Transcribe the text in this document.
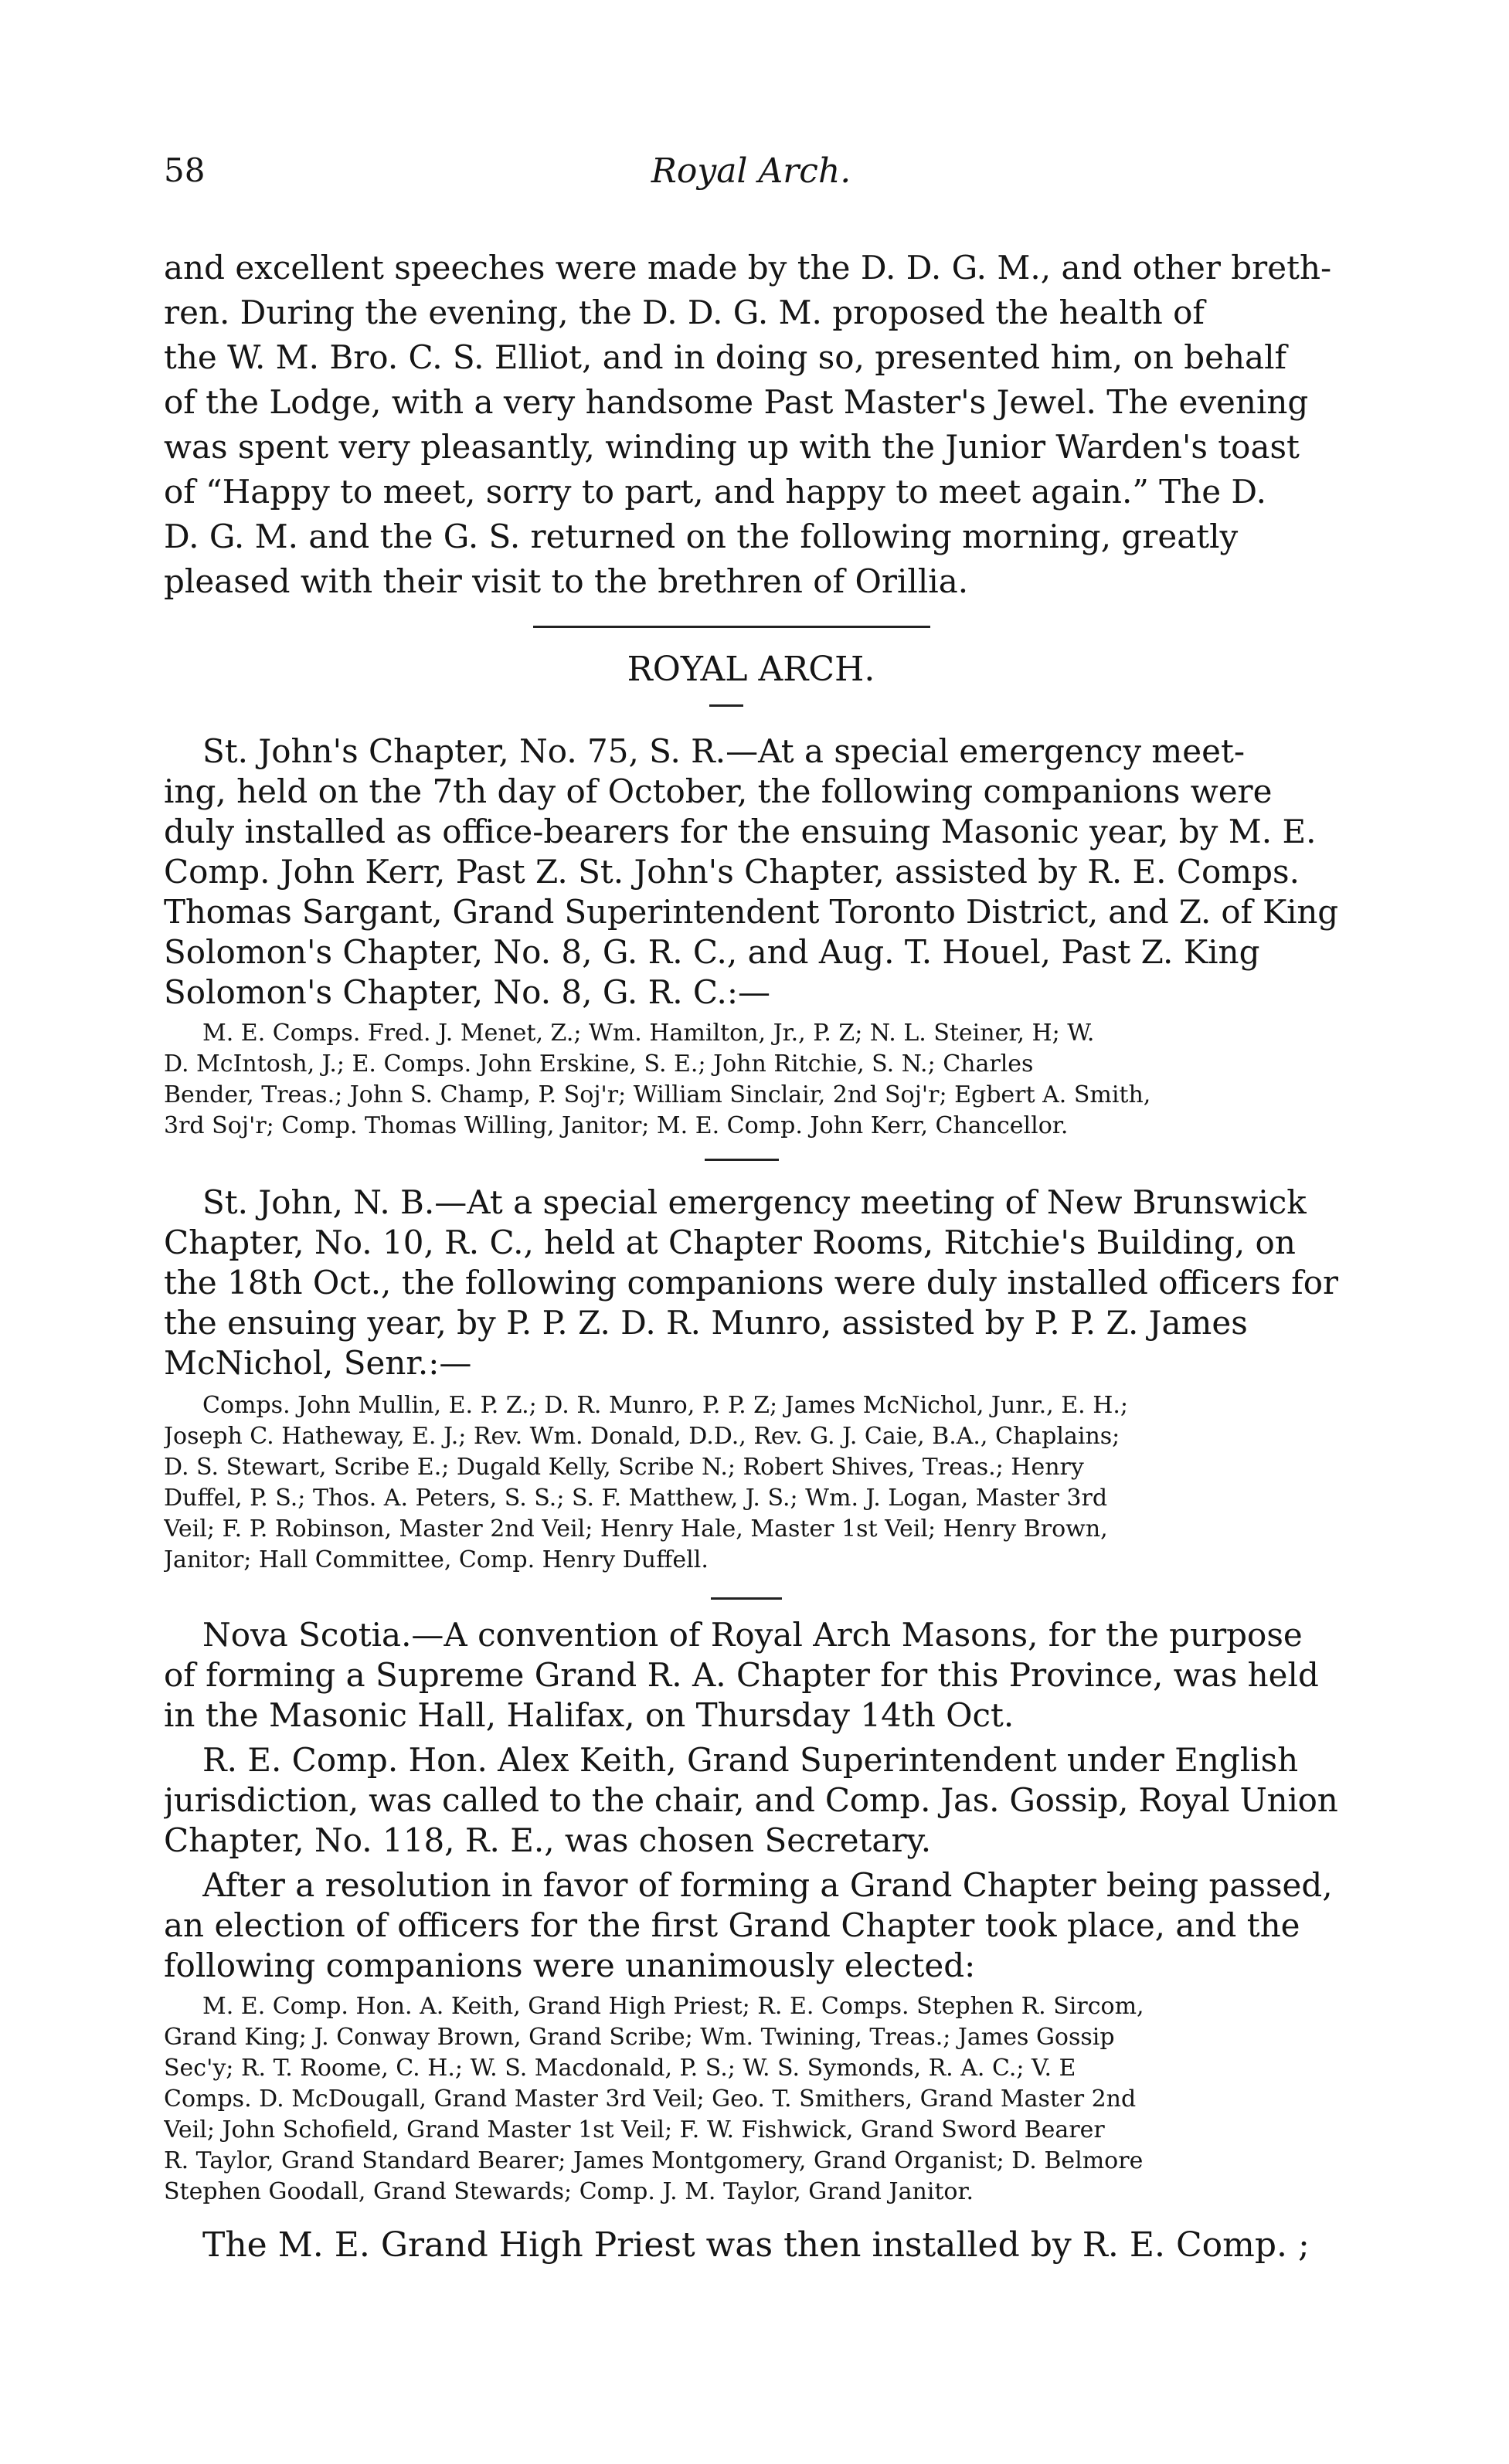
58	Royal Arch.
and excellent speeches were made by the D. D. G. M., and other breth-
ren. During the evening, the D. D. G. M. proposed the health of
the W. M. Bro. C. S. Elliot, and in doing so, presented him, on behalf
of the Lodge, with a very handsome Past Master's Jewel. The evening
was spent very pleasantly, winding up with the Junior Warden's toast
of “Happy to meet, sorry to part, and happy to meet again.” The D.
D. G. M. and the G. S. returned on the following morning, greatly
pleased with their visit to the brethren of Orillia.
ROYAL ARCH.
St. John's Chapter, No. 75, S. R.—At a special emergency meet-
ing, held on the 7th day of October, the following companions were
duly installed as office-bearers for the ensuing Masonic year, by M. E.
Comp. John Kerr, Past Z. St. John's Chapter, assisted by R. E. Comps.
Thomas Sargant, Grand Superintendent Toronto District, and Z. of King
Solomon's Chapter, No. 8, G. R. C., and Aug. T. Houel, Past Z. King
Solomon's Chapter, No. 8, G. R. C.:—
M. E. Comps. Fred. J. Menet, Z.; Wm. Hamilton, Jr., P. Z; N. L. Steiner, H; W.
D. McIntosh, J.; E. Comps. John Erskine, S. E.; John Ritchie, S. N.; Charles
Bender, Treas.; John S. Champ, P. Soj'r; William Sinclair, 2nd Soj'r; Egbert A. Smith,
3rd Soj'r; Comp. Thomas Willing, Janitor; M. E. Comp. John Kerr, Chancellor.
St. John, N. B.—At a special emergency meeting of New Brunswick
Chapter, No. 10, R. C., held at Chapter Rooms, Ritchie's Building, on
the 18th Oct., the following companions were duly installed officers for
the ensuing year, by P. P. Z. D. R. Munro, assisted by P. P. Z. James
McNichol, Senr.:—
Comps. John Mullin, E. P. Z.; D. R. Munro, P. P. Z; James McNichol, Junr., E. H.;
Joseph C. Hatheway, E. J.; Rev. Wm. Donald, D.D., Rev. G. J. Caie, B.A., Chaplains;
D. S. Stewart, Scribe E.; Dugald Kelly, Scribe N.; Robert Shives, Treas.; Henry
Duffel, P. S.; Thos. A. Peters, S. S.; S. F. Matthew, J. S.; Wm. J. Logan, Master 3rd
Veil; F. P. Robinson, Master 2nd Veil; Henry Hale, Master 1st Veil; Henry Brown,
Janitor; Hall Committee, Comp. Henry Duffell.
Nova Scotia.—A convention of Royal Arch Masons, for the purpose
of forming a Supreme Grand R. A. Chapter for this Province, was held
in the Masonic Hall, Halifax, on Thursday 14th Oct.
R. E. Comp. Hon. Alex Keith, Grand Superintendent under English
jurisdiction, was called to the chair, and Comp. Jas. Gossip, Royal Union
Chapter, No. 118, R. E., was chosen Secretary.
After a resolution in favor of forming a Grand Chapter being passed,
an election of officers for the first Grand Chapter took place, and the
following companions were unanimously elected:
M. E. Comp. Hon. A. Keith, Grand High Priest; R. E. Comps. Stephen R. Sircom,
Grand King; J. Conway Brown, Grand Scribe; Wm. Twining, Treas.; James Gossip
Sec'y; R. T. Roome, C. H.; W. S. Macdonald, P. S.; W. S. Symonds, R. A. C.; V. E
Comps. D. McDougall, Grand Master 3rd Veil; Geo. T. Smithers, Grand Master 2nd
Veil; John Schofield, Grand Master 1st Veil; F. W. Fishwick, Grand Sword Bearer
R. Taylor, Grand Standard Bearer; James Montgomery, Grand Organist; D. Belmore
Stephen Goodall, Grand Stewards; Comp. J. M. Taylor, Grand Janitor.
The M. E. Grand High Priest was then installed by R. E. Comp. ;
